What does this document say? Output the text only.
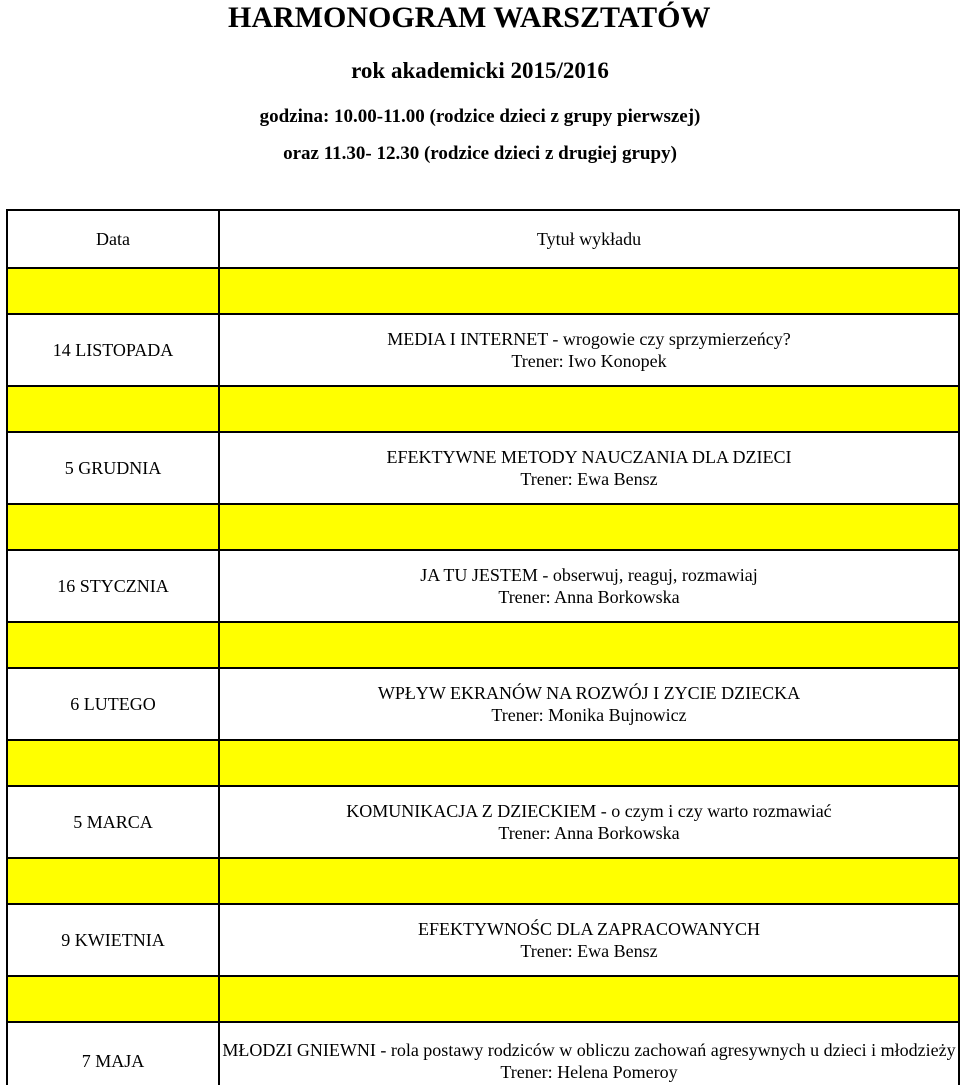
HARMONOGRAM WARSZTATÓW
rok akademicki 2015/2016
godzina: 10.00-11.00 (rodzice dzieci z grupy pierwszej)
oraz 11.30- 12.30 (rodzice dzieci z drugiej grupy)
Data	Tytuł wykładu

14 LISTOPADA	MEDIA I INTERNET - wrogowie czy sprzymierzeńcy?
Trener: Iwo Konopek

5 GRUDNIA	EFEKTYWNE METODY NAUCZANIA DLA DZIECI
Trener: Ewa Bensz

16 STYCZNIA	JA TU JESTEM - obserwuj, reaguj, rozmawiaj
Trener: Anna Borkowska

6 LUTEGO	WPŁYW EKRANÓW NA ROZWÓJ I ZYCIE DZIECKA
Trener: Monika Bujnowicz

5 MARCA	KOMUNIKACJA Z DZIECKIEM - o czym i czy warto rozmawiać
Trener: Anna Borkowska

9 KWIETNIA	EFEKTYWNOŚC DLA ZAPRACOWANYCH
Trener: Ewa Bensz

7 MAJA	MŁODZI GNIEWNI - rola postawy rodziców w obliczu zachowań agresywnych u dzieci i młodzieży
Trener: Helena Pomeroy
